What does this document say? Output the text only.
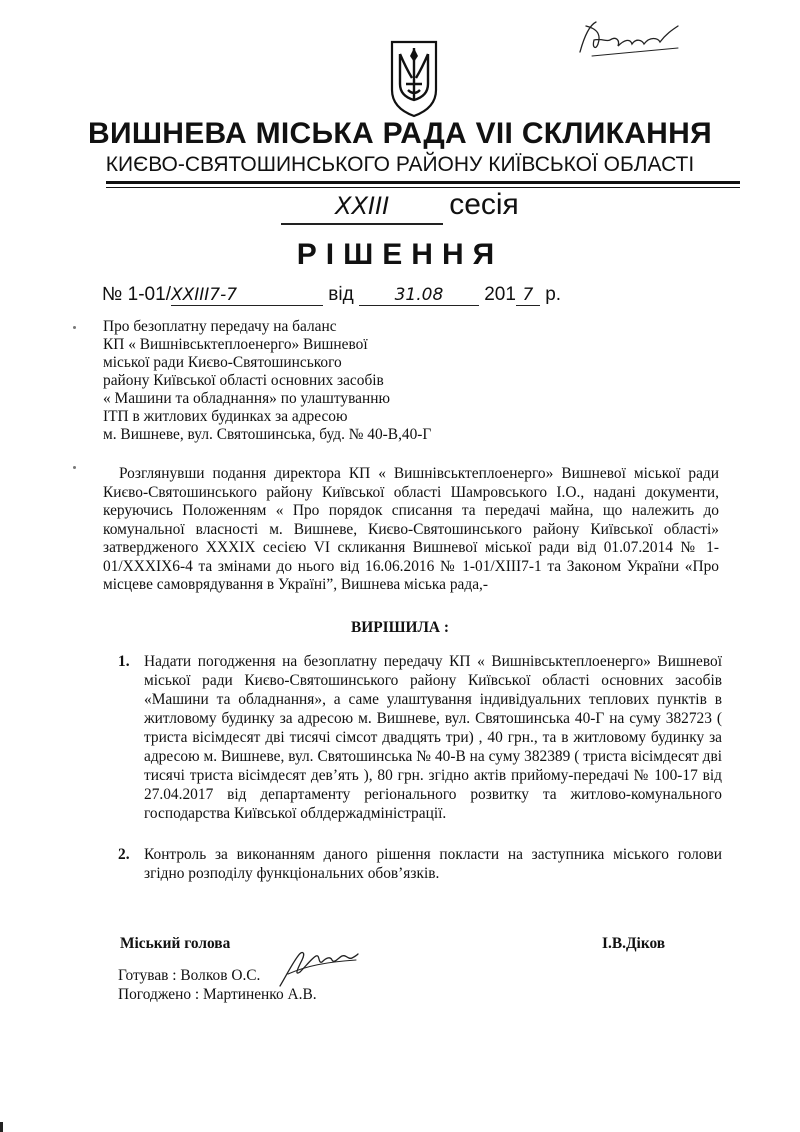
ВИШНЕВА МІСЬКА РАДА VII СКЛИКАННЯ
КИЄВО-СВЯТОШИНСЬКОГО РАЙОНУ КИЇВСЬКОЇ ОБЛАСТІ
XXIII сесія
РІШЕННЯ
№ 1-01/XXIII7-7	від 31.08 201 7 р.
Про безоплатну передачу на баланс
КП « Вишнівськтеплоенерго» Вишневої
міської ради Києво-Святошинського
району Київської області основних засобів
« Машини та обладнання» по улаштуванню
ІТП в житлових будинках за адресою
м. Вишневе, вул. Святошинська, буд. № 40-В,40-Г
Розглянувши подання директора КП « Вишнівськтеплоенерго» Вишневої міської ради Києво-Святошинського району Київської області Шамровського І.О., надані документи, керуючись Положенням « Про порядок списання та передачі майна, що належить до комунальної власності м. Вишневе, Києво-Святошинського району Київської області» затвердженого XXXIX сесією VI скликання Вишневої міської ради від 01.07.2014 № 1-01/XXXIX6-4 та змінами до нього від 16.06.2016 № 1-01/XIII7-1 та Законом України «Про місцеве самоврядування в Україні”, Вишнева міська рада,-
ВИРІШИЛА :
1. Надати погодження на безоплатну передачу КП « Вишнівськтеплоенерго» Вишневої міської ради Києво-Святошинського району Київської області основних засобів «Машини та обладнання», а саме улаштування індивідуальних теплових пунктів в житловому будинку за адресою м. Вишневе, вул. Святошинська 40-Г на суму 382723 ( триста вісімдесят дві тисячі сімсот двадцять три) , 40 грн., та в житловому будинку за адресою м. Вишневе, вул. Святошинська № 40-В на суму 382389 ( триста вісімдесят дві тисячі триста вісімдесят дев’ять ), 80 грн. згідно актів прийому-передачі № 100-17 від 27.04.2017 від департаменту регіонального розвитку та житлово-комунального господарства Київської облдержадміністрації.
2. Контроль за виконанням даного рішення покласти на заступника міського голови згідно розподілу функціональних обов’язків.
Міський голова	І.В.Діков
Готував : Волков О.С.
Погоджено : Мартиненко А.В.
